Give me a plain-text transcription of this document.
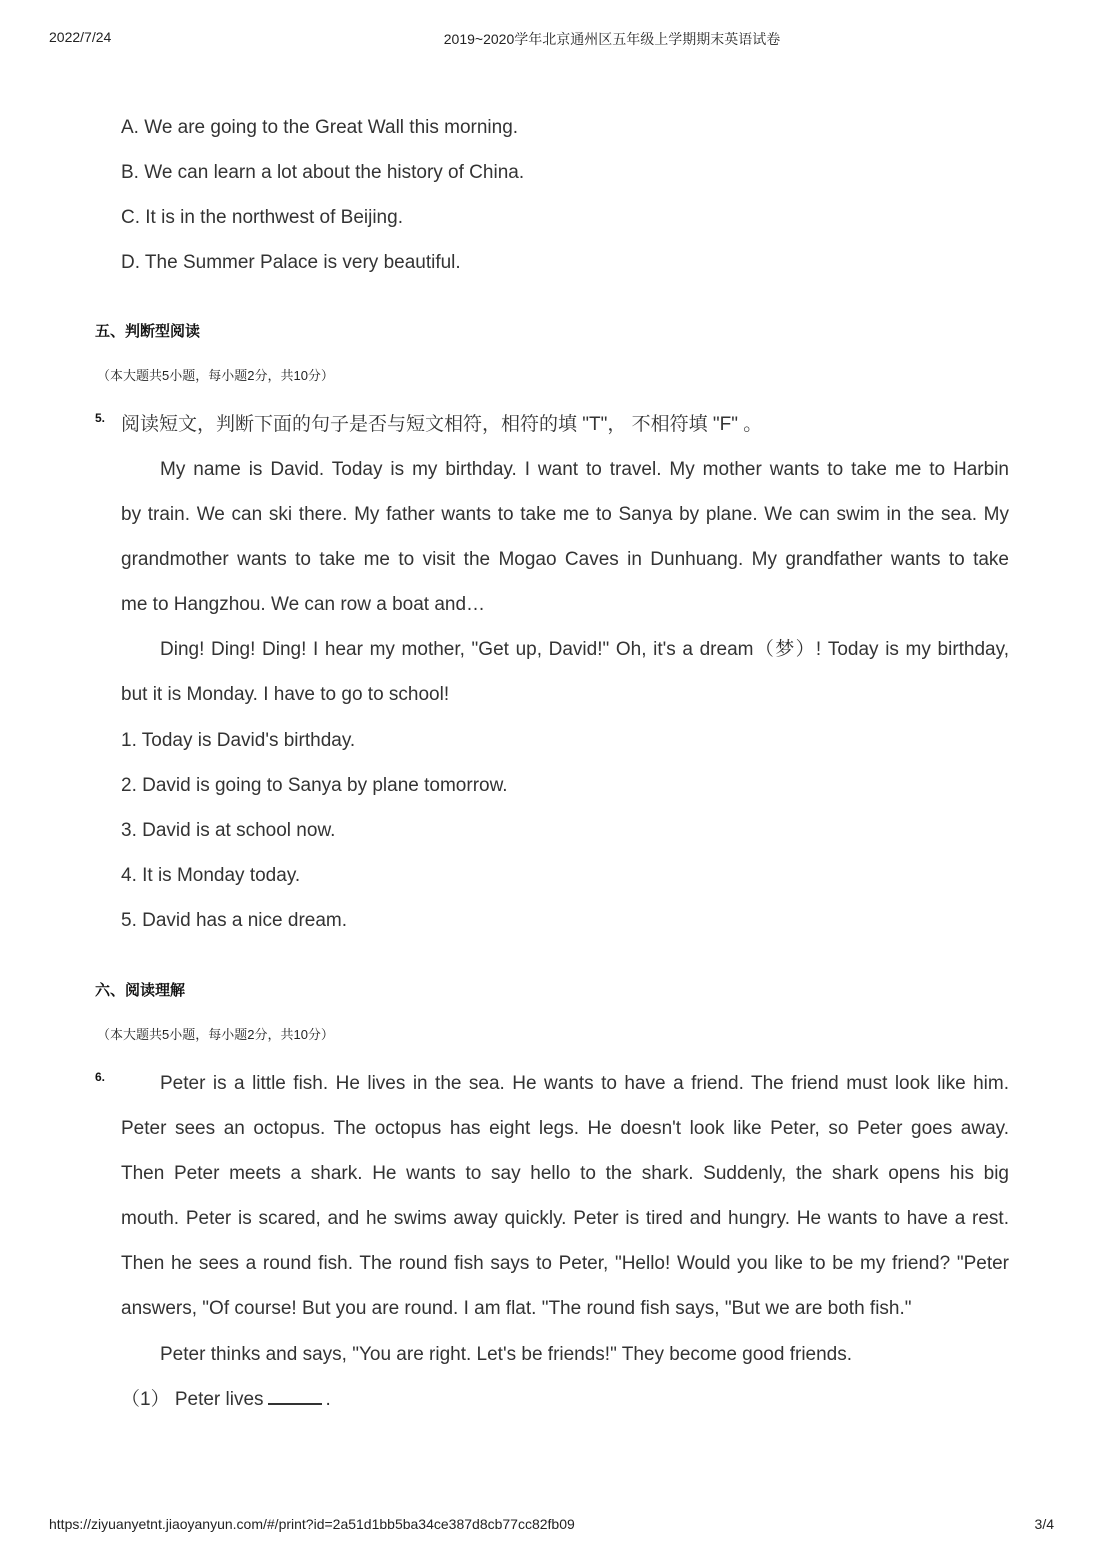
2022/7/24	2019~2020学年北京通州区五年级上学期期末英语试卷
A. We are going to the Great Wall this morning.
B. We can learn a lot about the history of China.
C. It is in the northwest of Beijing.
D. The Summer Palace is very beautiful.
五、判断型阅读
（本大题共5小题，每小题2分，共10分）
5. 阅读短文，判断下面的句子是否与短文相符，相符的填 "T"， 不相符填 "F" 。
My name is David. Today is my birthday. I want to travel. My mother wants to take me to Harbin
by train. We can ski there. My father wants to take me to Sanya by plane. We can swim in the sea. My
grandmother wants to take me to visit the Mogao Caves in Dunhuang. My grandfather wants to take
me to Hangzhou. We can row a boat and…
Ding! Ding! Ding! I hear my mother, "Get up, David!" Oh, it's a dream（梦）! Today is my birthday,
but it is Monday. I have to go to school!
1. Today is David's birthday.
2. David is going to Sanya by plane tomorrow.
3. David is at school now.
4. It is Monday today.
5. David has a nice dream.
六、阅读理解
（本大题共5小题，每小题2分，共10分）
6.	Peter is a little fish. He lives in the sea. He wants to have a friend. The friend must look like him.
Peter sees an octopus. The octopus has eight legs. He doesn't look like Peter, so Peter goes away.
Then Peter meets a shark. He wants to say hello to the shark. Suddenly, the shark opens his big
mouth. Peter is scared, and he swims away quickly. Peter is tired and hungry. He wants to have a rest.
Then he sees a round fish. The round fish says to Peter, "Hello! Would you like to be my friend? "Peter
answers, "Of course! But you are round. I am flat. "The round fish says, "But we are both fish."
Peter thinks and says, "You are right. Let's be friends!" They become good friends.
（1） Peter lives	.
https://ziyuanyetnt.jiaoyanyun.com/#/print?id=2a51d1bb5ba34ce387d8cb77cc82fb09	3/4
